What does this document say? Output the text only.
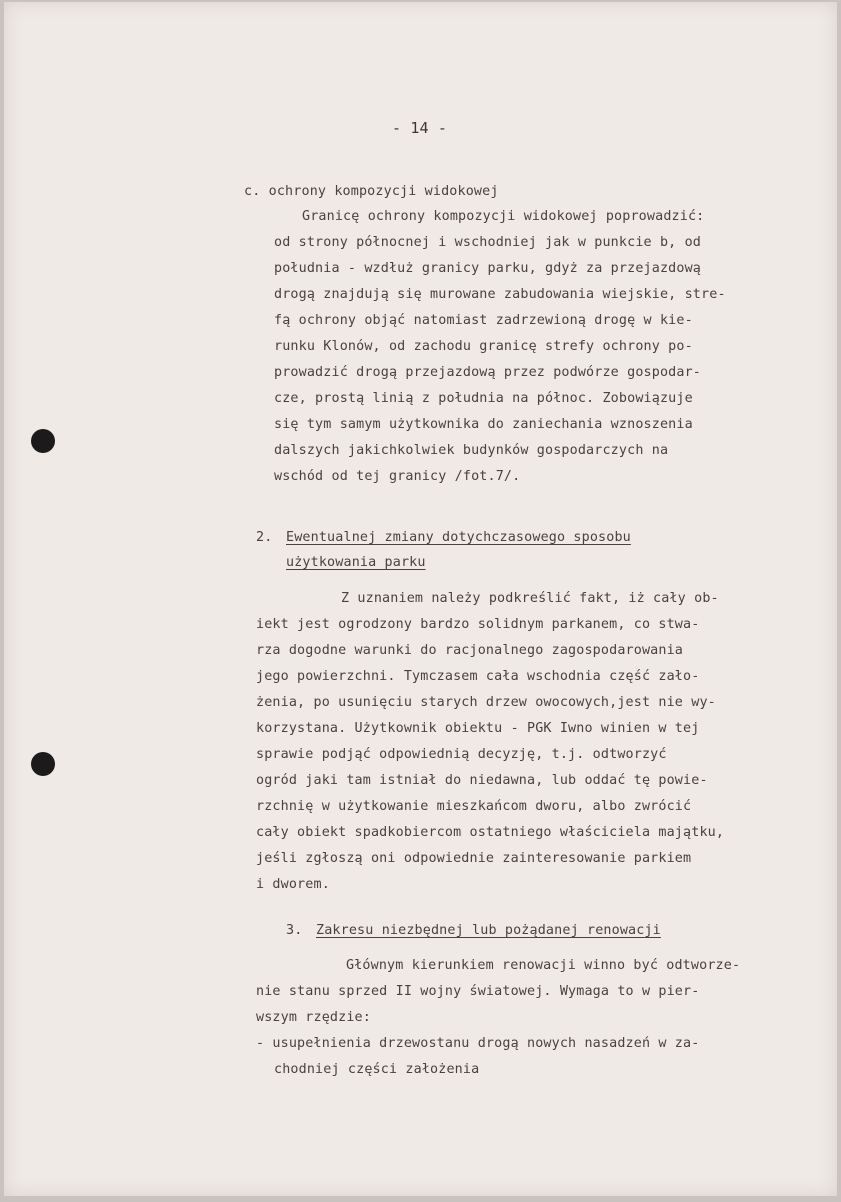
- 14 -
c. ochrony kompozycji widokowej
Granicę ochrony kompozycji widokowej poprowadzić:
od strony północnej i wschodniej jak w punkcie b, od
południa - wzdłuż granicy parku, gdyż za przejazdową
drogą znajdują się murowane zabudowania wiejskie, stre-
fą ochrony objąć natomiast zadrzewioną drogę w kie-
runku Klonów, od zachodu granicę strefy ochrony po-
prowadzić drogą przejazdową przez podwórze gospodar-
cze, prostą linią z południa na północ. Zobowiązuje
się tym samym użytkownika do zaniechania wznoszenia
dalszych jakichkolwiek budynków gospodarczych na
wschód od tej granicy /fot.7/.
2. Ewentualnej zmiany dotychczasowego sposobu
użytkowania parku
Z uznaniem należy podkreślić fakt, iż cały ob-
iekt jest ogrodzony bardzo solidnym parkanem, co stwa-
rza dogodne warunki do racjonalnego zagospodarowania
jego powierzchni. Tymczasem cała wschodnia część zało-
żenia, po usunięciu starych drzew owocowych,jest nie wy-
korzystana. Użytkownik obiektu - PGK Iwno winien w tej
sprawie podjąć odpowiednią decyzję, t.j. odtworzyć
ogród jaki tam istniał do niedawna, lub oddać tę powie-
rzchnię w użytkowanie mieszkańcom dworu, albo zwrócić
cały obiekt spadkobiercom ostatniego właściciela majątku,
jeśli zgłoszą oni odpowiednie zainteresowanie parkiem
i dworem.
3. Zakresu niezbędnej lub pożądanej renowacji
Głównym kierunkiem renowacji winno być odtworze-
nie stanu sprzed II wojny światowej. Wymaga to w pier-
wszym rzędzie:
- usupełnienia drzewostanu drogą nowych nasadzeń w za-
chodniej części założenia
